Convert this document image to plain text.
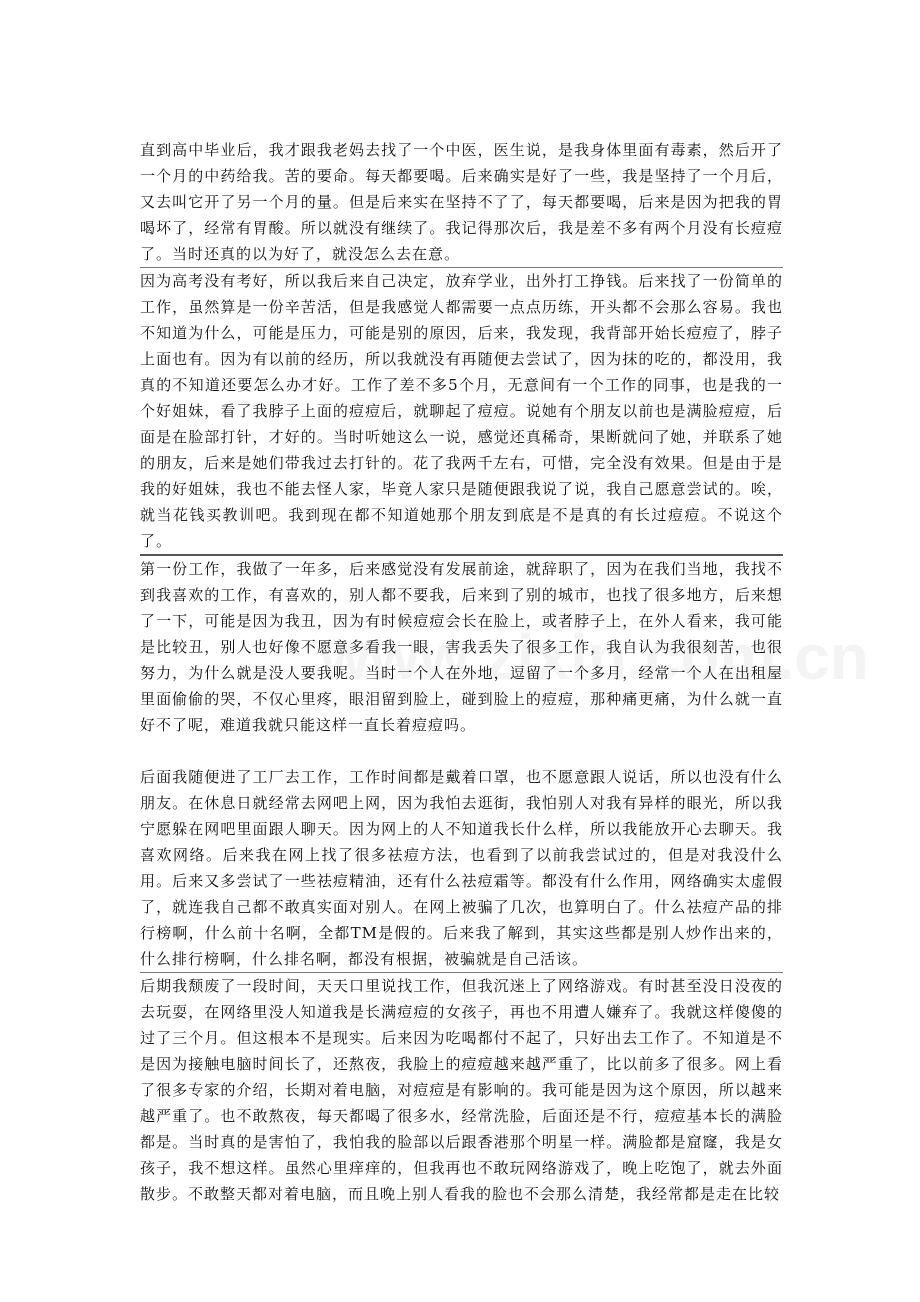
直到高中毕业后，我才跟我老妈去找了一个中医，医生说，是我身体里面有毒素，然后开了一个月的中药给我。苦的要命。每天都要喝。后来确实是好了一些，我是坚持了一个月后，又去叫它开了另一个月的量。但是后来实在坚持不了了，每天都要喝，后来是因为把我的胃喝坏了，经常有胃酸。所以就没有继续了。我记得那次后，我是差不多有两个月没有长痘痘了。当时还真的以为好了，就没怎么去在意。

因为高考没有考好，所以我后来自己决定，放弃学业，出外打工挣钱。后来找了一份简单的工作，虽然算是一份辛苦活，但是我感觉人都需要一点点历练，开头都不会那么容易。我也不知道为什么，可能是压力，可能是别的原因，后来，我发现，我背部开始长痘痘了，脖子上面也有。因为有以前的经历，所以我就没有再随便去尝试了，因为抹的吃的，都没用，我真的不知道还要怎么办才好。工作了差不多5个月，无意间有一个工作的同事，也是我的一个好姐妹，看了我脖子上面的痘痘后，就聊起了痘痘。说她有个朋友以前也是满脸痘痘，后面是在脸部打针，才好的。当时听她这么一说，感觉还真稀奇，果断就问了她，并联系了她的朋友，后来是她们带我过去打针的。花了我两千左右，可惜，完全没有效果。但是由于是我的好姐妹，我也不能去怪人家，毕竟人家只是随便跟我说了说，我自己愿意尝试的。唉，就当花钱买教训吧。我到现在都不知道她那个朋友到底是不是真的有长过痘痘。不说这个了。

第一份工作，我做了一年多，后来感觉没有发展前途，就辞职了，因为在我们当地，我找不到我喜欢的工作，有喜欢的，别人都不要我，后来到了别的城市，也找了很多地方，后来想了一下，可能是因为我丑，因为有时候痘痘会长在脸上，或者脖子上，在外人看来，我可能是比较丑，别人也好像不愿意多看我一眼，害我丢失了很多工作，我自认为我很刻苦，也很努力，为什么就是没人要我呢。当时一个人在外地，逗留了一个多月，经常一个人在出租屋里面偷偷的哭，不仅心里疼，眼泪留到脸上，碰到脸上的痘痘，那种痛更痛，为什么就一直好不了呢，难道我就只能这样一直长着痘痘吗。

后面我随便进了工厂去工作，工作时间都是戴着口罩，也不愿意跟人说话，所以也没有什么朋友。在休息日就经常去网吧上网，因为我怕去逛街，我怕别人对我有异样的眼光，所以我宁愿躲在网吧里面跟人聊天。因为网上的人不知道我长什么样，所以我能放开心去聊天。我喜欢网络。后来我在网上找了很多祛痘方法，也看到了以前我尝试过的，但是对我没什么用。后来又多尝试了一些祛痘精油，还有什么祛痘霜等。都没有什么作用，网络确实太虚假了，就连我自己都不敢真实面对别人。在网上被骗了几次，也算明白了。什么祛痘产品的排行榜啊，什么前十名啊，全都TM是假的。后来我了解到，其实这些都是别人炒作出来的，什么排行榜啊，什么排名啊，都没有根据，被骗就是自己活该。

后期我颓废了一段时间，天天口里说找工作，但我沉迷上了网络游戏。有时甚至没日没夜的去玩耍，在网络里没人知道我是长满痘痘的女孩子，再也不用遭人嫌弃了。我就这样傻傻的过了三个月。但这根本不是现实。后来因为吃喝都付不起了，只好出去工作了。不知道是不是因为接触电脑时间长了，还熬夜，我脸上的痘痘越来越严重了，比以前多了很多。网上看了很多专家的介绍，长期对着电脑，对痘痘是有影响的。我可能是因为这个原因，所以越来越严重了。也不敢熬夜，每天都喝了很多水，经常洗脸，后面还是不行，痘痘基本长的满脸都是。当时真的是害怕了，我怕我的脸部以后跟香港那个明星一样。满脸都是窟窿，我是女孩子，我不想这样。虽然心里痒痒的，但我再也不敢玩网络游戏了，晚上吃饱了，就去外面散步。不敢整天都对着电脑，而且晚上别人看我的脸也不会那么清楚，我经常都是走在比较
